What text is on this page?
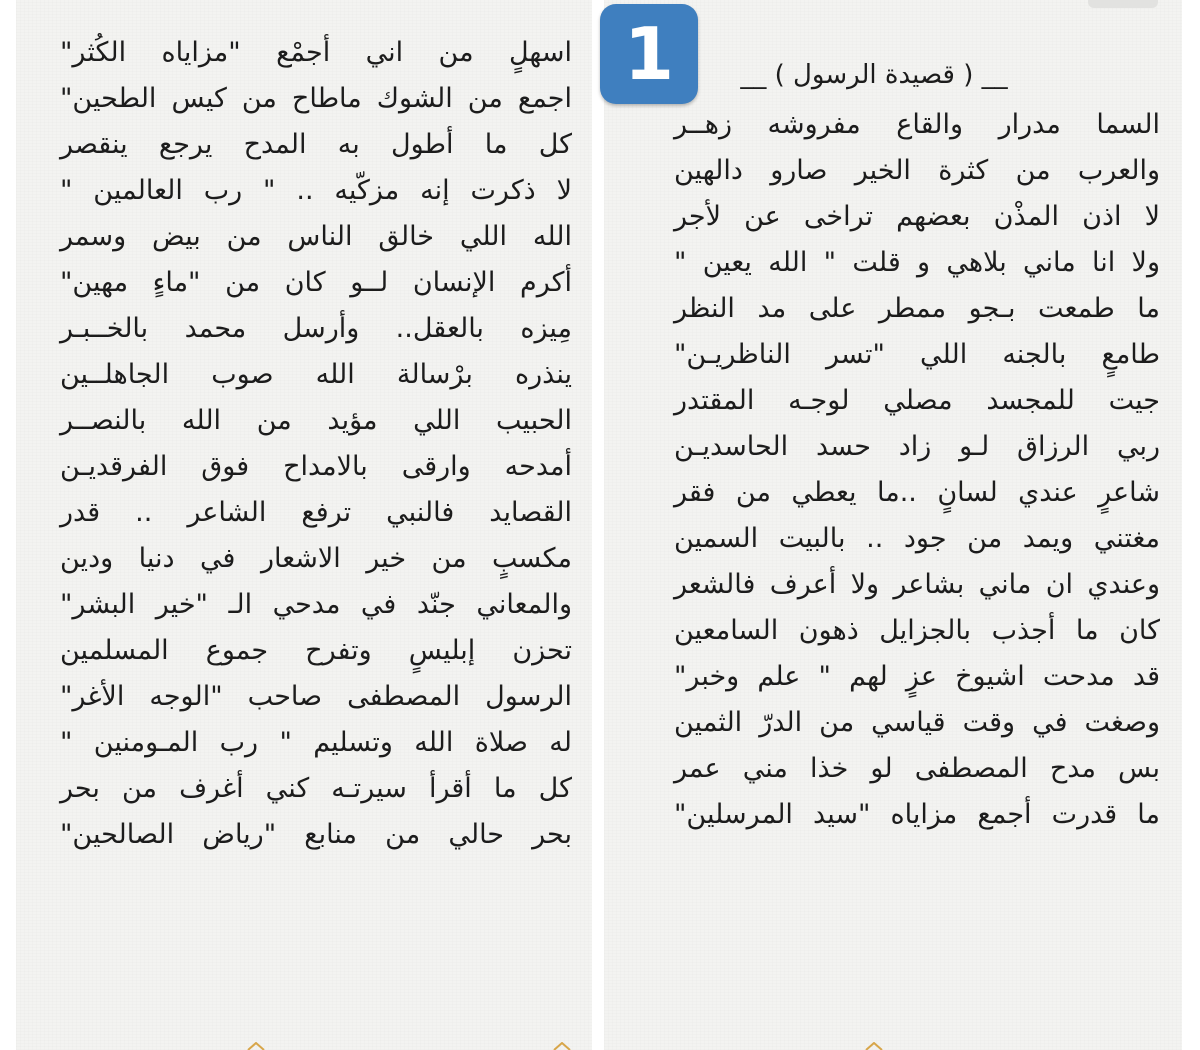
__ ( قصيدة الرسول ) __
السما مدرار والقاع مفروشه زهــر
والعرب من كثرة الخير صارو دالهين
لا اذن المذْن بعضهم تراخى عن لأجر
ولا انا ماني بلاهي و قلت " الله يعين "
ما طمعت بـجو ممطر على مد النظر
طامعٍ بالجنه اللي "تسر الناظريـن"
جيت للمجسد مصلي لوجـه المقتدر
ربي الرزاق لـو زاد حسد الحاسديـن
شاعرٍ عندي لسانٍ ..ما يعطي من فقر
مغتني ويمد من جود .. بالبيت السمين
وعندي ان ماني بشاعر ولا أعرف فالشعر
كان ما أجذب بالجزايل ذهون السامعين
قد مدحت اشيوخ عزٍ لهم " علم وخبر"
وصغت في وقت قياسي من الدرّ الثمين
بس مدح المصطفى لو خذا مني عمر
ما قدرت أجمع مزاياه "سيد المرسلين"
اسهلٍ من اني أجمْع "مزاياه الكُثر"
اجمع من الشوك ماطاح من كيس الطحين"
كل ما أطول به المدح يرجع ينقصر
لا ذكرت إنه مزكّيه .. " رب العالمين "
الله اللي خالق الناس من بيض وسمر
أكرم الإنسان لــو كان من "ماءٍ مهين"
مِيزه بالعقل.. وأرسل محمد بالخــبـر
ينذره برْسالة الله صوب الجاهلــين
الحبيب اللي مؤيد من الله بالنصــر
أمدحه وارقى بالامداح فوق الفرقديـن
القصايد فالنبي ترفع الشاعر .. قدر
مكسبٍ من خير الاشعار في دنيا ودين
والمعاني جنّد في مدحي الـ "خير البشر"
تحزن إبليسٍ وتفرح جموع المسلمين
الرسول المصطفى صاحب "الوجه الأغر"
له صلاة الله وتسليم " رب المـومنين "
كل ما أقرأ سيرتـه كني أغرف من بحر
بحر حالي من منابع "رياض الصالحين"
1
